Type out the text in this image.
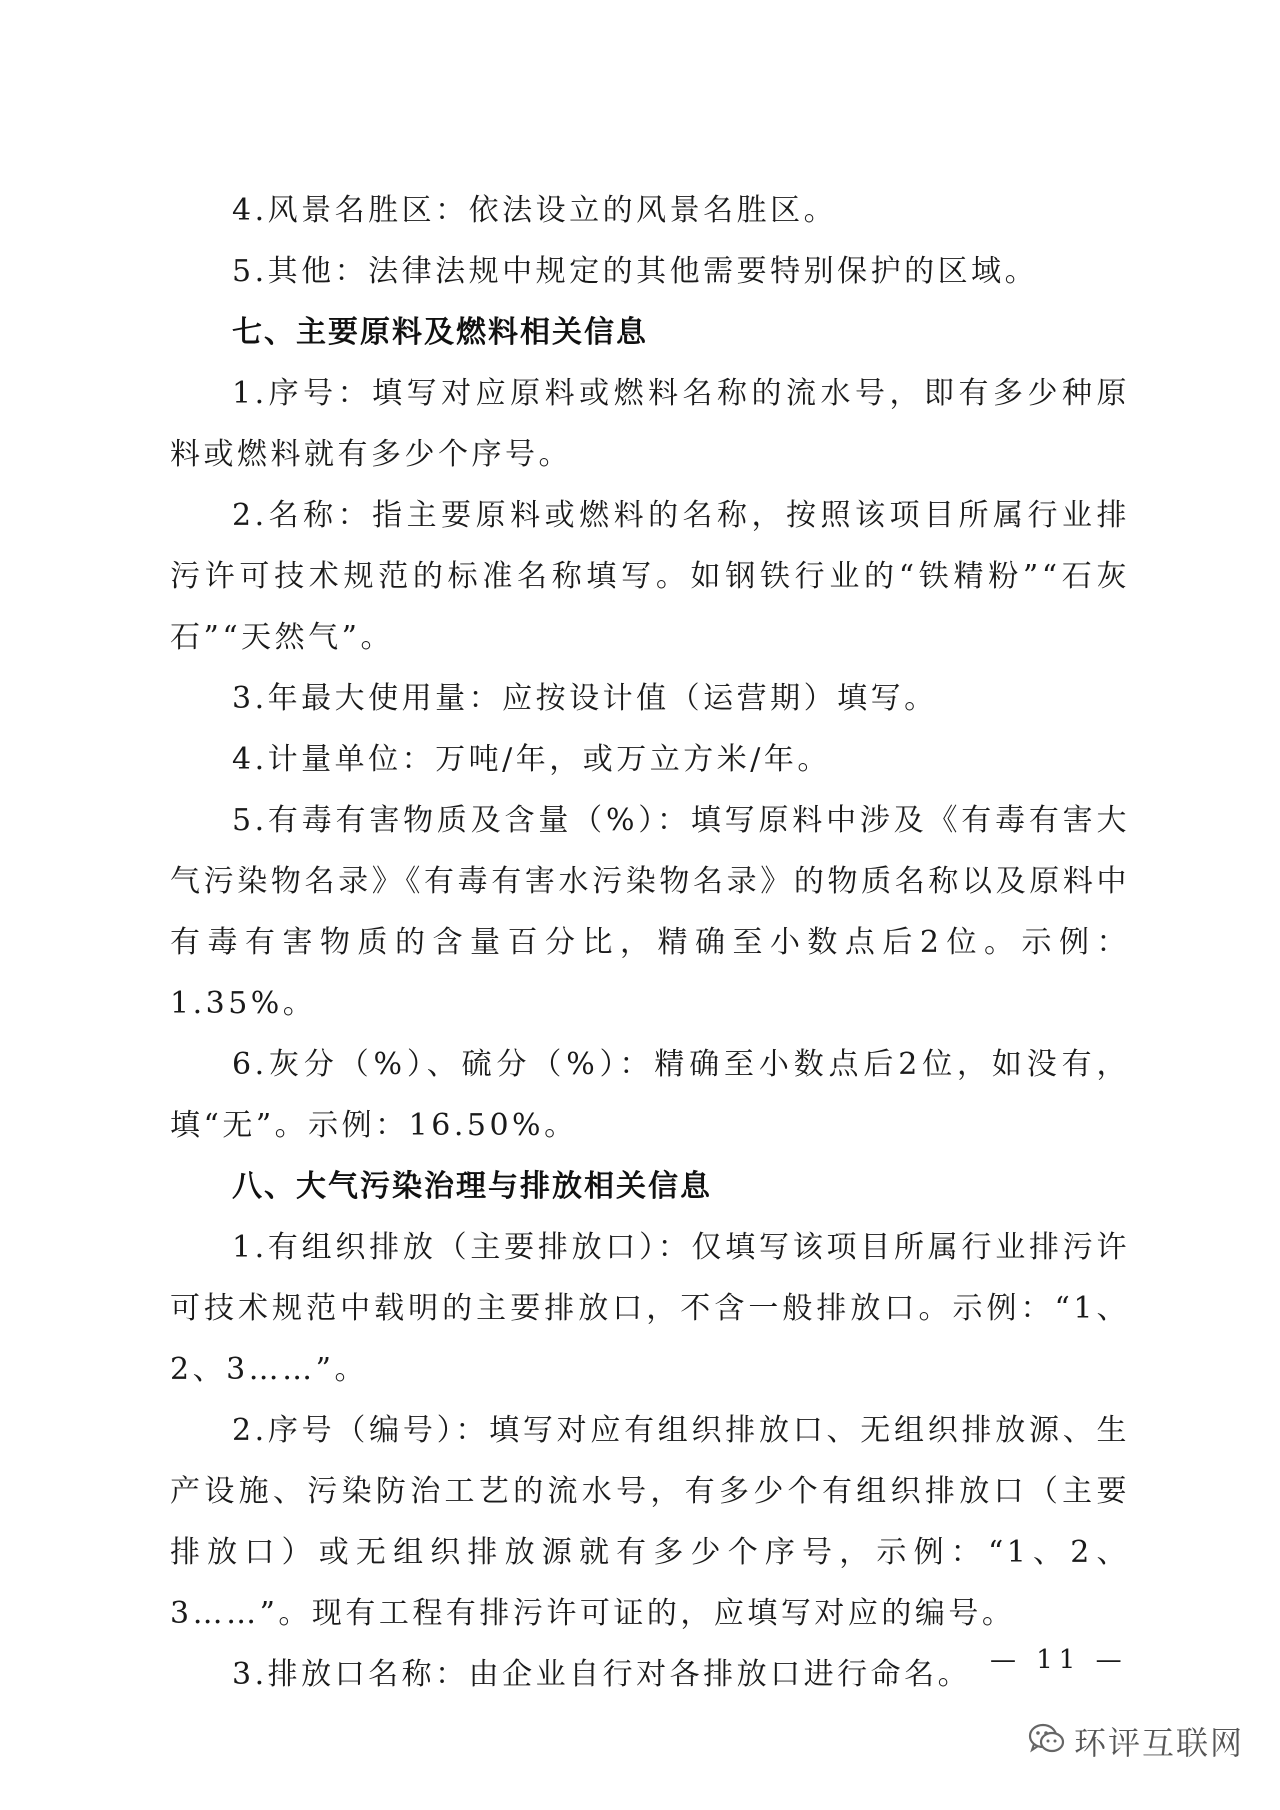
4.风景名胜区：依法设立的风景名胜区。

5.其他：法律法规中规定的其他需要特别保护的区域。

七、主要原料及燃料相关信息

1.序号：填写对应原料或燃料名称的流水号，即有多少种原料或燃料就有多少个序号。

2.名称：指主要原料或燃料的名称，按照该项目所属行业排污许可技术规范的标准名称填写。如钢铁行业的“铁精粉”“石灰石”“天然气”。

3.年最大使用量：应按设计值（运营期）填写。

4.计量单位：万吨/年，或万立方米/年。

5.有毒有害物质及含量（%）：填写原料中涉及《有毒有害大气污染物名录》《有毒有害水污染物名录》的物质名称以及原料中有毒有害物质的含量百分比，精确至小数点后2位。示例：1.35%。

6.灰分（%）、硫分（%）：精确至小数点后2位，如没有，填“无”。示例：16.50%。

八、大气污染治理与排放相关信息

1.有组织排放（主要排放口）：仅填写该项目所属行业排污许可技术规范中载明的主要排放口，不含一般排放口。示例：“1、2、3……”。

2.序号（编号）：填写对应有组织排放口、无组织排放源、生产设施、污染防治工艺的流水号，有多少个有组织排放口（主要排放口）或无组织排放源就有多少个序号，示例：“1、2、3……”。现有工程有排污许可证的，应填写对应的编号。

3.排放口名称：由企业自行对各排放口进行命名。 — 11 —
环评互联网
